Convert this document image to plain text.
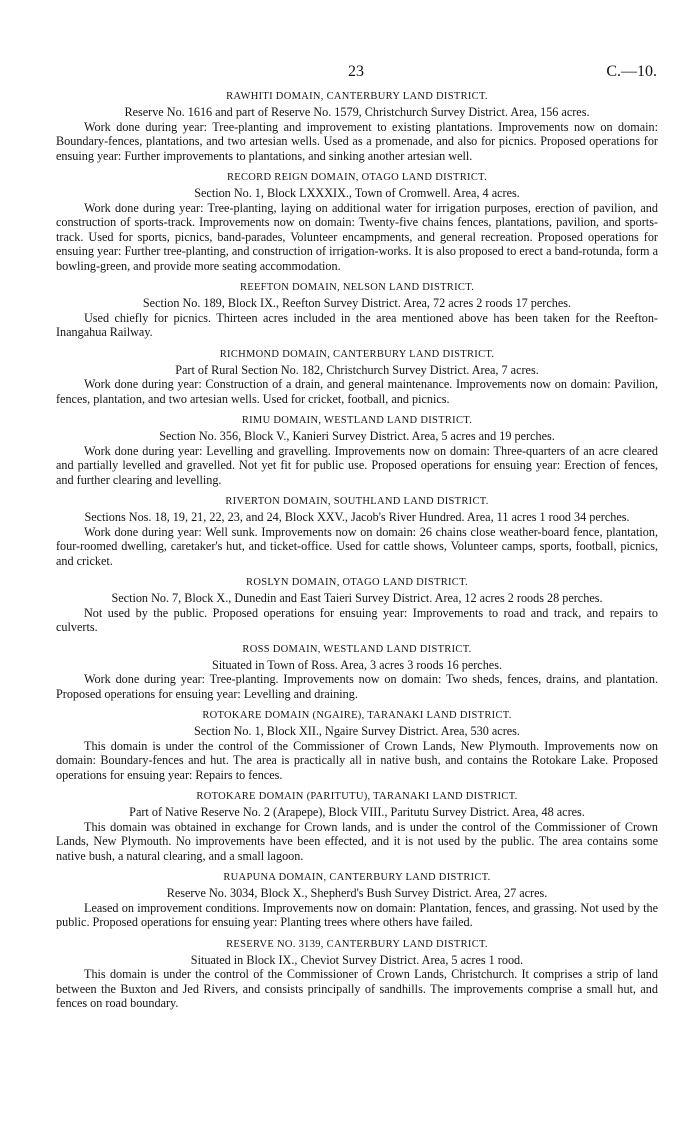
23	C.—10.
RAWHITI DOMAIN, CANTERBURY LAND DISTRICT.
Reserve No. 1616 and part of Reserve No. 1579, Christchurch Survey District. Area, 156 acres.

Work done during year: Tree-planting and improvement to existing plantations. Improvements now on domain: Boundary-fences, plantations, and two artesian wells. Used as a promenade, and also for picnics. Proposed operations for ensuing year: Further improvements to plantations, and sinking another artesian well.

RECORD REIGN DOMAIN, OTAGO LAND DISTRICT.
Section No. 1, Block LXXXIX., Town of Cromwell. Area, 4 acres.

Work done during year: Tree-planting, laying on additional water for irrigation purposes, erection of pavilion, and construction of sports-track. Improvements now on domain: Twenty-five chains fences, plantations, pavilion, and sports-track. Used for sports, picnics, band-parades, Volunteer encampments, and general recreation. Proposed operations for ensuing year: Further tree-planting, and construction of irrigation-works. It is also proposed to erect a band-rotunda, form a bowling-green, and provide more seating accommodation.

REEFTON DOMAIN, NELSON LAND DISTRICT.
Section No. 189, Block IX., Reefton Survey District. Area, 72 acres 2 roods 17 perches.

Used chiefly for picnics. Thirteen acres included in the area mentioned above has been taken for the Reefton-Inangahua Railway.

RICHMOND DOMAIN, CANTERBURY LAND DISTRICT.
Part of Rural Section No. 182, Christchurch Survey District. Area, 7 acres.

Work done during year: Construction of a drain, and general maintenance. Improvements now on domain: Pavilion, fences, plantation, and two artesian wells. Used for cricket, football, and picnics.

RIMU DOMAIN, WESTLAND LAND DISTRICT.
Section No. 356, Block V., Kanieri Survey District. Area, 5 acres and 19 perches.

Work done during year: Levelling and gravelling. Improvements now on domain: Three-quarters of an acre cleared and partially levelled and gravelled. Not yet fit for public use. Proposed operations for ensuing year: Erection of fences, and further clearing and levelling.

RIVERTON DOMAIN, SOUTHLAND LAND DISTRICT.
Sections Nos. 18, 19, 21, 22, 23, and 24, Block XXV., Jacob's River Hundred. Area, 11 acres 1 rood 34 perches.

Work done during year: Well sunk. Improvements now on domain: 26 chains close weather-board fence, plantation, four-roomed dwelling, caretaker's hut, and ticket-office. Used for cattle shows, Volunteer camps, sports, football, picnics, and cricket.

ROSLYN DOMAIN, OTAGO LAND DISTRICT.
Section No. 7, Block X., Dunedin and East Taieri Survey District. Area, 12 acres 2 roods 28 perches.

Not used by the public. Proposed operations for ensuing year: Improvements to road and track, and repairs to culverts.

ROSS DOMAIN, WESTLAND LAND DISTRICT.
Situated in Town of Ross. Area, 3 acres 3 roods 16 perches.

Work done during year: Tree-planting. Improvements now on domain: Two sheds, fences, drains, and plantation. Proposed operations for ensuing year: Levelling and draining.

ROTOKARE DOMAIN (NGAIRE), TARANAKI LAND DISTRICT.
Section No. 1, Block XII., Ngaire Survey District. Area, 530 acres.

This domain is under the control of the Commissioner of Crown Lands, New Plymouth. Improvements now on domain: Boundary-fences and hut. The area is practically all in native bush, and contains the Rotokare Lake. Proposed operations for ensuing year: Repairs to fences.

ROTOKARE DOMAIN (PARITUTU), TARANAKI LAND DISTRICT.
Part of Native Reserve No. 2 (Arapepe), Block VIII., Paritutu Survey District. Area, 48 acres.

This domain was obtained in exchange for Crown lands, and is under the control of the Commissioner of Crown Lands, New Plymouth. No improvements have been effected, and it is not used by the public. The area contains some native bush, a natural clearing, and a small lagoon.

RUAPUNA DOMAIN, CANTERBURY LAND DISTRICT.
Reserve No. 3034, Block X., Shepherd's Bush Survey District. Area, 27 acres.

Leased on improvement conditions. Improvements now on domain: Plantation, fences, and grassing. Not used by the public. Proposed operations for ensuing year: Planting trees where others have failed.

RESERVE NO. 3139, CANTERBURY LAND DISTRICT.
Situated in Block IX., Cheviot Survey District. Area, 5 acres 1 rood.

This domain is under the control of the Commissioner of Crown Lands, Christchurch. It comprises a strip of land between the Buxton and Jed Rivers, and consists principally of sandhills. The improvements comprise a small hut, and fences on road boundary.
